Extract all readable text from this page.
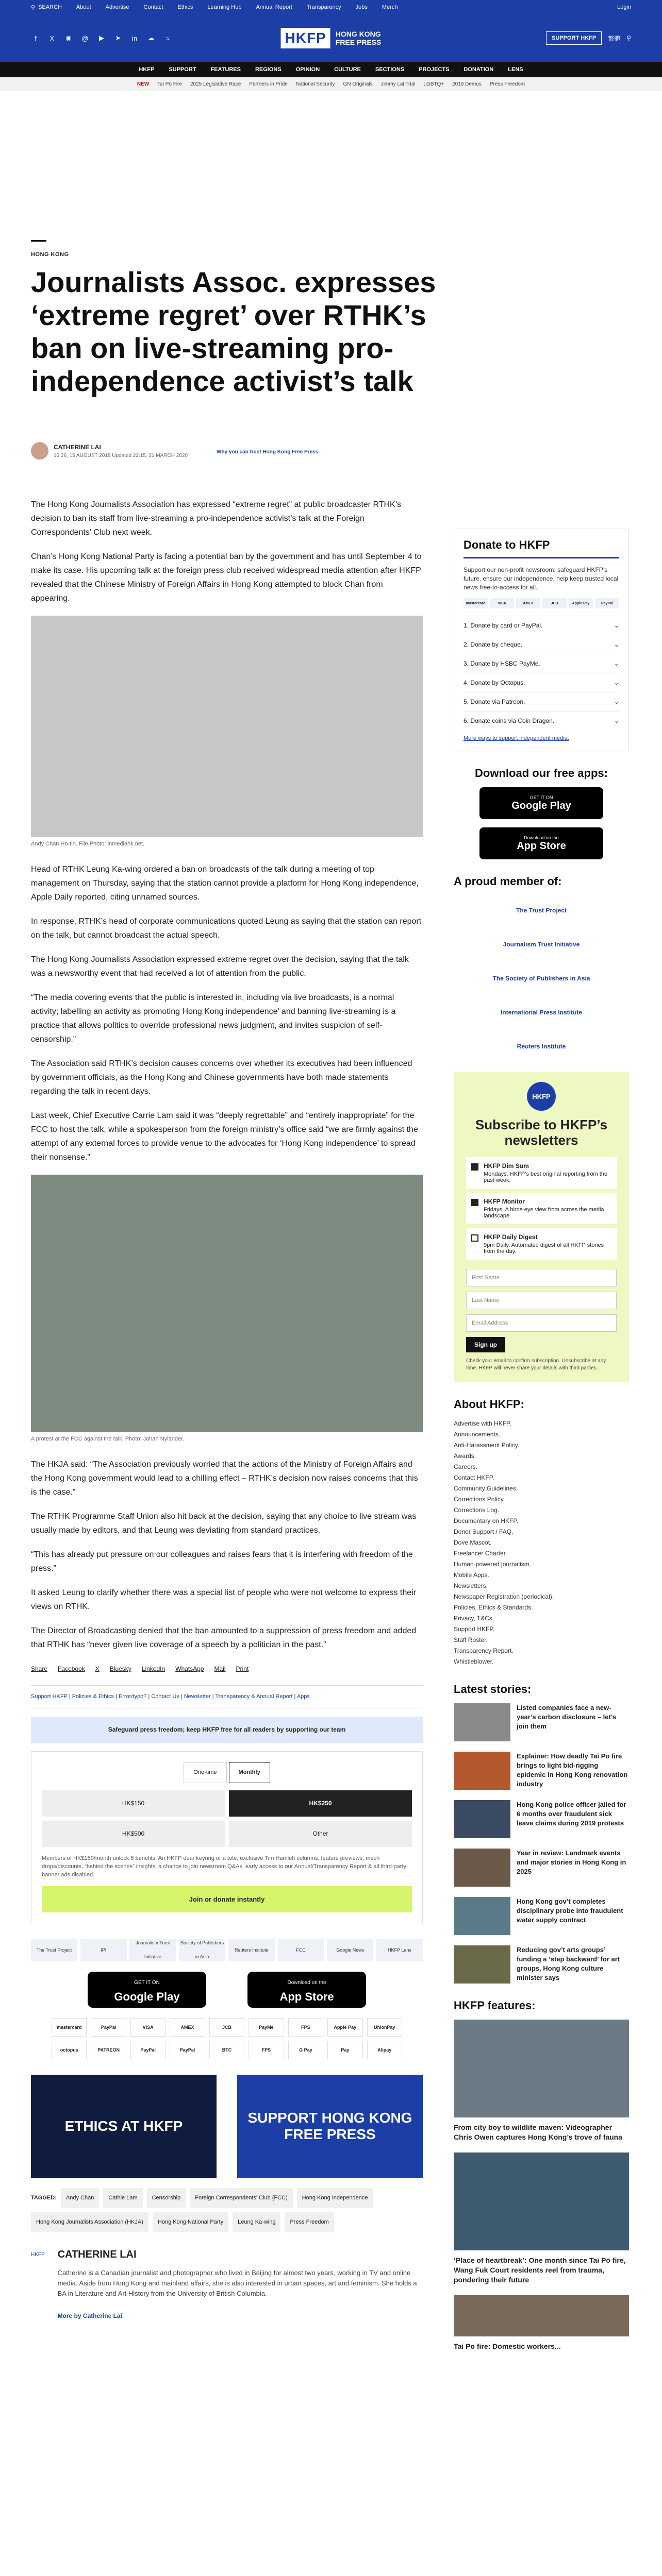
⚲ SEARCH	About	Advertise	Contact	Ethics	Learning Hub	Annual Report	Transparency	Jobs	Merch	Login
f	X	◉ @	▶	➤	in	☁	≈	HKFP	HONG KONG
FREE PRESS	SUPPORT HKFP	繁體 ⚲
HKFP	SUPPORT	FEATURES	REGIONS	OPINION	CULTURE	SECTIONS	PROJECTS	DONATION	LENS
NEW Tai Po Fire 2025 Legislative Race Partners in Pride National Security GN Originals Jimmy Lai Trial LGBTQ+ 2019 Demos Press Freedom
HONG KONG
Journalists Assoc. expresses ‘extreme regret’ over RTHK’s ban on live-streaming pro-independence activist’s talk
CATHERINE LAI
16:26, 15 AUGUST 2018 Updated 22:15, 31 MARCH 2020
Why you can trust Hong Kong Free Press

The Hong Kong Journalists Association has expressed “extreme regret” at public broadcaster RTHK’s decision to ban its staff from live-streaming a pro-independence activist’s talk at the Foreign Correspondents’ Club next week.

Chan’s Hong Kong National Party is facing a potential ban by the government and has until September 4 to make its case. His upcoming talk at the foreign press club received widespread media attention after HKFP revealed that the Chinese Ministry of Foreign Affairs in Hong Kong attempted to block Chan from appearing.

Andy Chan Ho-tin. File Photo: inmediahk.net.

Head of RTHK Leung Ka-wing ordered a ban on broadcasts of the talk during a meeting of top management on Thursday, saying that the station cannot provide a platform for Hong Kong independence, Apple Daily reported, citing unnamed sources.

In response, RTHK’s head of corporate communications quoted Leung as saying that the station can report on the talk, but cannot broadcast the actual speech.

The Hong Kong Journalists Association expressed extreme regret over the decision, saying that the talk was a newsworthy event that had received a lot of attention from the public.

“The media covering events that the public is interested in, including via live broadcasts, is a normal activity; labelling an activity as promoting Hong Kong independence’ and banning live-streaming is a practice that allows politics to override professional news judgment, and invites suspicion of self-censorship.”

The Association said RTHK’s decision causes concerns over whether its executives had been influenced by government officials, as the Hong Kong and Chinese governments have both made statements regarding the talk in recent days.

Last week, Chief Executive Carrie Lam said it was “deeply regrettable” and “entirely inappropriate” for the FCC to host the talk, while a spokesperson from the foreign ministry’s office said “we are firmly against the attempt of any external forces to provide venue to the advocates for ‘Hong Kong independence’ to spread their nonsense.”

A protest at the FCC against the talk. Photo: Johan Nylander.

The HKJA said: “The Association previously worried that the actions of the Ministry of Foreign Affairs and the Hong Kong government would lead to a chilling effect – RTHK’s decision now raises concerns that this is the case.”

The RTHK Programme Staff Union also hit back at the decision, saying that any choice to live stream was usually made by editors, and that Leung was deviating from standard practices.

“This has already put pressure on our colleagues and raises fears that it is interfering with freedom of the press.”

It asked Leung to clarify whether there was a special list of people who were not welcome to express their views on RTHK.

The Director of Broadcasting denied that the ban amounted to a suppression of press freedom and added that RTHK has “never given live coverage of a speech by a politician in the past.”

Share Facebook X Bluesky LinkedIn WhatsApp Mail Print
Support HKFP | Policies & Ethics | Error/typo? | Contact Us | Newsletter | Transparency & Annual Report | Apps
Safeguard press freedom; keep HKFP free for all readers by supporting our team
One-time	Monthly
HK$150	HK$250
HK$500	Other
Members of HK$150/month unlock 8 benefits: An HKFP dear keyring or a tote, exclusive Tim Hamlett columns, feature previews, mech drops/discounts, “behind the scenes” insights, a chance to join newsroom Q&As, early access to our Annual/Transparency Report & all third-party banner ads disabled.
Join or donate instantly
The Trust Project	IPI
Journalism Trust Initiative
Society of Publishers in Asia
Reuters Institute	FCC	Google News	HKFP Lens
GET IT ON
Google Play
Download on the
App Store
mastercard	PayPal	VISA	AMEX	JCB	PayMe	FPS	Apple Pay	UnionPay
octopus	PATREON	PayPal	PayPal	BTC	FPS	G Pay	Pay	Alipay
ETHICS AT HKFP
SUPPORT HONG KONG FREE PRESS
TAGGED:	Andy Chan	Cathie Lam	Censorship	Foreign Correspondents' Club (FCC)	Hong Kong Independence
Hong Kong Journalists Association (HKJA)	Hong Kong National Party	Leung Ka-wing	Press Freedom
HKFP CATHERINE LAI

Catherine is a Canadian journalist and photographer who lived in Beijing for almost two years, working in TV and online media. Aside from Hong Kong and mainland affairs, she is also interested in urban spaces, art and feminism. She holds a BA in Literature and Art History from the University of British Columbia.

More by Catherine Lai
Donate to HKFP
Support our non-profit newsroom: safeguard HKFP’s future, ensure our independence, help keep trusted local news free-to-access for all.
mastercard	VISA	AMEX	JCB	Apple Pay	PayPal
1. Donate by card or PayPal.	⌄
2. Donate by cheque.	⌄
3. Donate by HSBC PayMe.	⌄
4. Donate by Octopus.	⌄
5. Donate via Patreon.	⌄
6. Donate coins via Coin Dragon.	⌄
More ways to support independent media.
Download our free apps:
GET IT ON
Google Play
Download on the
App Store
A proud member of:
The Trust Project
Journalism Trust Initiative
The Society of Publishers in Asia
International Press Institute
Reuters Institute
HKFP
Subscribe to HKFP’s newsletters
HKFP Dim Sum
Mondays. HKFP’s best original reporting from the past week.
HKFP Monitor
Fridays. A birds-eye view from across the media landscape.
HKFP Daily Digest
9pm Daily. Automated digest of all HKFP stories from the day.
First Name
Last Name
Email Address
Sign up
Check your email to confirm subscription. Unsubscribe at any time. HKFP will never share your details with third parties.
About HKFP:
Advertise with HKFP.
Announcements.
Anti-Harassment Policy.
Awards.
Careers.
Contact HKFP.
Community Guidelines.
Corrections Policy.
Corrections Log.
Documentary on HKFP.
Donor Support / FAQ.
Dove Mascot.
Freelancer Charter.
Human-powered journalism.
Mobile Apps.
Newsletters.
Newspaper Registration (periodical).
Policies, Ethics & Standards.
Privacy, T&Cs.
Support HKFP.
Staff Roster.
Transparency Report.
Whistleblower.
Latest stories:

Listed companies face a new-year’s carbon disclosure – let’s join them

Explainer: How deadly Tai Po fire brings to light bid-rigging epidemic in Hong Kong renovation industry

Hong Kong police officer jailed for 6 months over fraudulent sick leave claims during 2019 protests

Year in review: Landmark events and major stories in Hong Kong in 2025

Hong Kong gov’t completes disciplinary probe into fraudulent water supply contract

Reducing gov’t arts groups’ funding a ‘step backward’ for art groups, Hong Kong culture minister says

HKFP features:

From city boy to wildlife maven: Videographer Chris Owen captures Hong Kong’s trove of fauna

‘Place of heartbreak’: One month since Tai Po fire, Wang Fuk Court residents reel from trauma, pondering their future

Tai Po fire: Domestic workers...
